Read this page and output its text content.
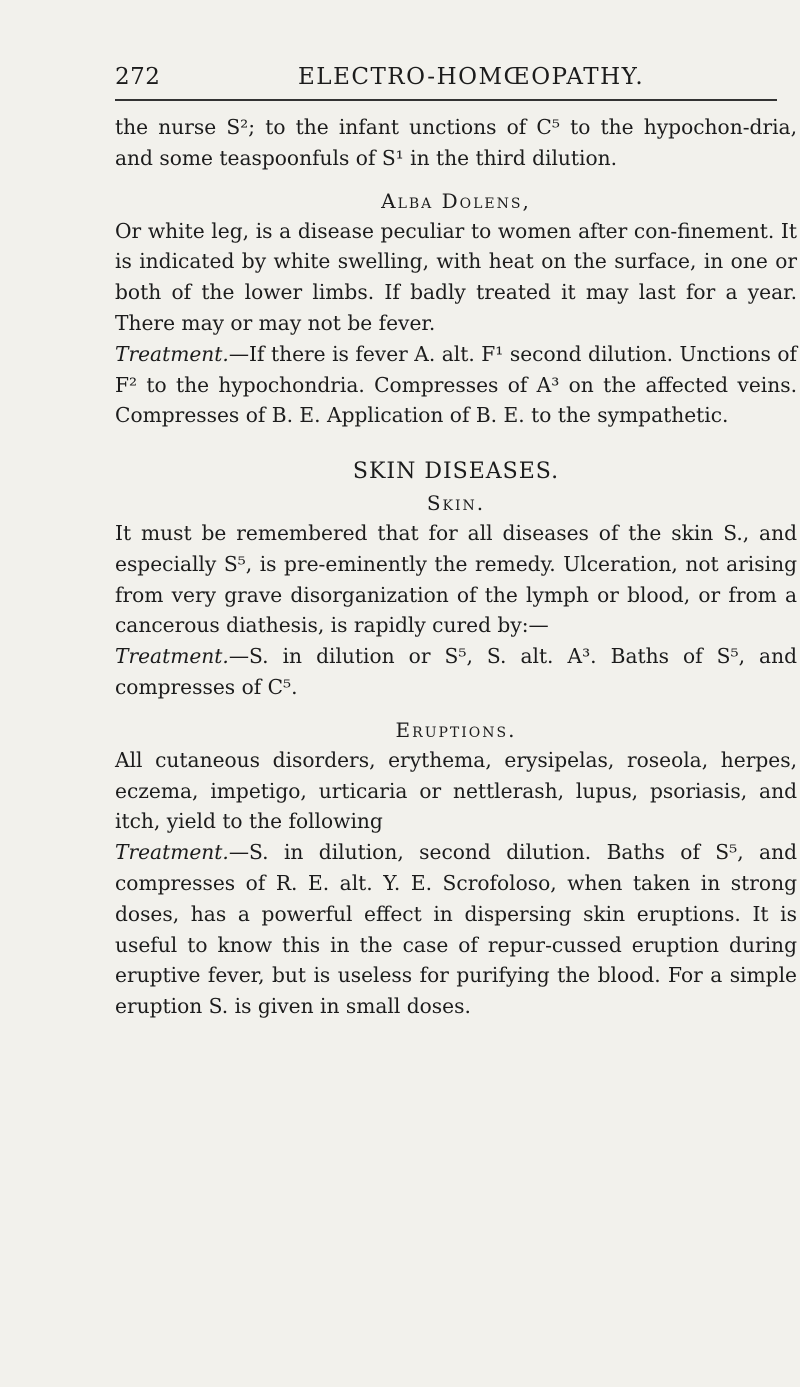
272	ELECTRO-HOMŒOPATHY.

the nurse S²; to the infant unctions of C⁵ to the hypochon-dria, and some teaspoonfuls of S¹ in the third dilution.

Alba Dolens,

Or white leg, is a disease peculiar to women after con-finement. It is indicated by white swelling, with heat on the surface, in one or both of the lower limbs. If badly treated it may last for a year. There may or may not be fever.

Treatment.—If there is fever A. alt. F¹ second dilution. Unctions of F² to the hypochondria. Compresses of A³ on the affected veins. Compresses of B. E. Application of B. E. to the sympathetic.

SKIN DISEASES.

Skin.

It must be remembered that for all diseases of the skin S., and especially S⁵, is pre-eminently the remedy. Ulceration, not arising from very grave disorganization of the lymph or blood, or from a cancerous diathesis, is rapidly cured by:—

Treatment.—S. in dilution or S⁵, S. alt. A³. Baths of S⁵, and compresses of C⁵.

Eruptions.

All cutaneous disorders, erythema, erysipelas, roseola, herpes, eczema, impetigo, urticaria or nettlerash, lupus, psoriasis, and itch, yield to the following

Treatment.—S. in dilution, second dilution. Baths of S⁵, and compresses of R. E. alt. Y. E. Scrofoloso, when taken in strong doses, has a powerful effect in dispersing skin eruptions. It is useful to know this in the case of repur-cussed eruption during eruptive fever, but is useless for purifying the blood. For a simple eruption S. is given in small doses.
